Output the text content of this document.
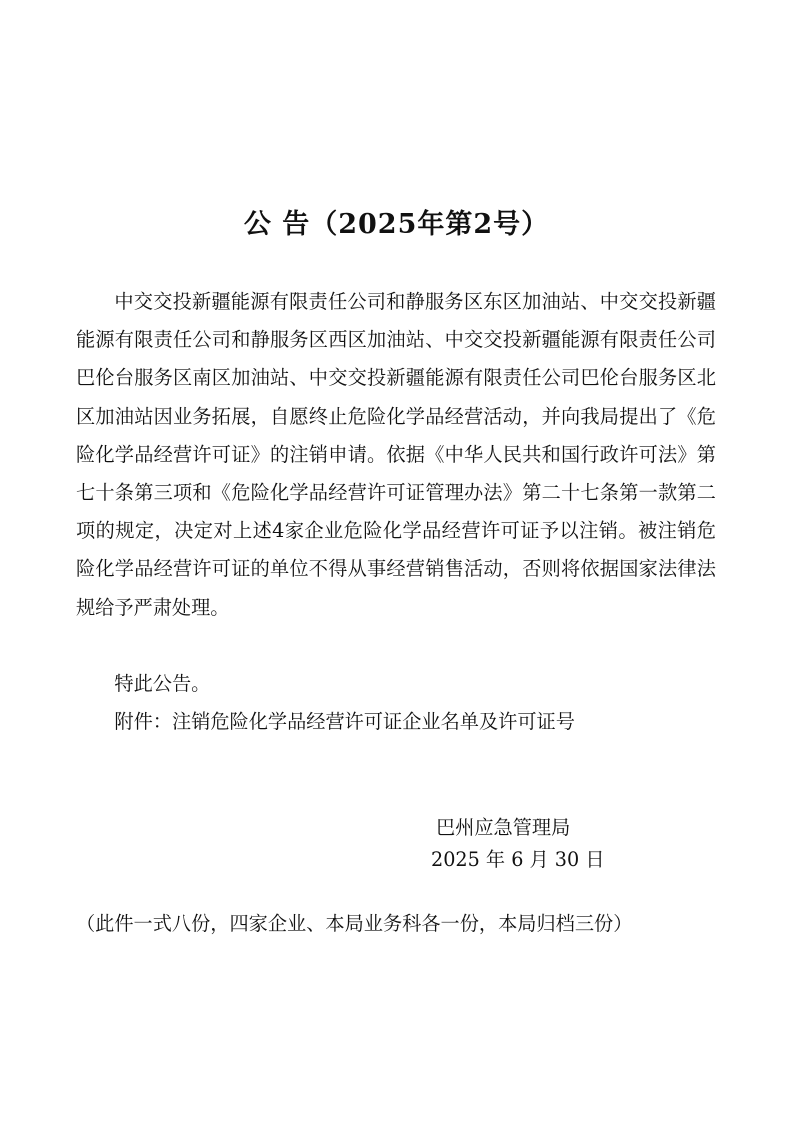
公 告（2025年第2号）

中交交投新疆能源有限责任公司和静服务区东区加油站、中交交投新疆能源有限责任公司和静服务区西区加油站、中交交投新疆能源有限责任公司巴伦台服务区南区加油站、中交交投新疆能源有限责任公司巴伦台服务区北区加油站因业务拓展，自愿终止危险化学品经营活动，并向我局提出了《危险化学品经营许可证》的注销申请。依据《中华人民共和国行政许可法》第七十条第三项和《危险化学品经营许可证管理办法》第二十七条第一款第二项的规定，决定对上述4家企业危险化学品经营许可证予以注销。被注销危险化学品经营许可证的单位不得从事经营销售活动，否则将依据国家法律法规给予严肃处理。

特此公告。

附件：注销危险化学品经营许可证企业名单及许可证号

巴州应急管理局
2025 年 6 月 30 日
（此件一式八份，四家企业、本局业务科各一份，本局归档三份）
